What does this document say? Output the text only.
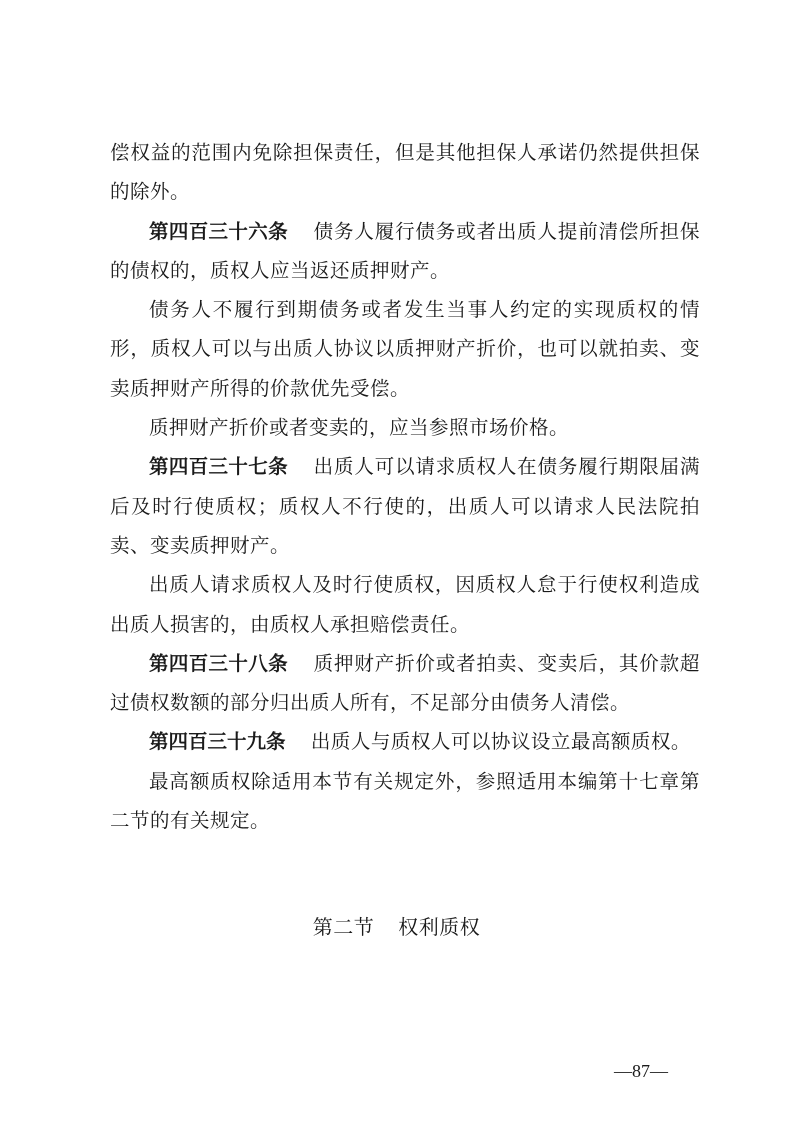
偿权益的范围内免除担保责任，但是其他担保人承诺仍然提供担保的除外。

第四百三十六条 债务人履行债务或者出质人提前清偿所担保的债权的，质权人应当返还质押财产。

债务人不履行到期债务或者发生当事人约定的实现质权的情形，质权人可以与出质人协议以质押财产折价，也可以就拍卖、变卖质押财产所得的价款优先受偿。

质押财产折价或者变卖的，应当参照市场价格。

第四百三十七条 出质人可以请求质权人在债务履行期限届满后及时行使质权；质权人不行使的，出质人可以请求人民法院拍卖、变卖质押财产。

出质人请求质权人及时行使质权，因质权人怠于行使权利造成出质人损害的，由质权人承担赔偿责任。

第四百三十八条 质押财产折价或者拍卖、变卖后，其价款超过债权数额的部分归出质人所有，不足部分由债务人清偿。

第四百三十九条 出质人与质权人可以协议设立最高额质权。

最高额质权除适用本节有关规定外，参照适用本编第十七章第二节的有关规定。

第二节 权利质权
—87—
